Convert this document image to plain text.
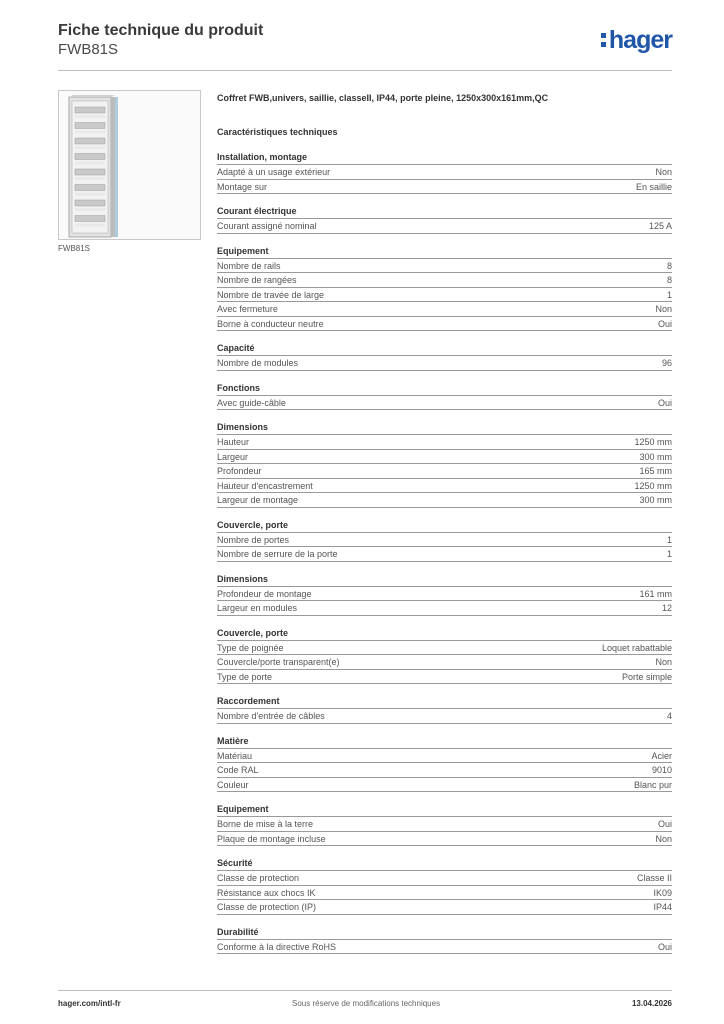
Fiche technique du produit
FWB81S	hager
FWB81S
Coffret FWB,univers, saillie, classeII, IP44, porte pleine, 1250x300x161mm,QC
Caractéristiques techniques
Installation, montage
Adapté à un usage extérieur	Non
Montage sur	En saillie
Courant électrique
Courant assigné nominal	125 A
Equipement
Nombre de rails	8
Nombre de rangées	8
Nombre de travée de large	1
Avec fermeture	Non
Borne à conducteur neutre	Oui
Capacité
Nombre de modules	96
Fonctions
Avec guide-câble	Oui
Dimensions
Hauteur	1250 mm
Largeur	300 mm
Profondeur	165 mm
Hauteur d'encastrement	1250 mm
Largeur de montage	300 mm
Couvercle, porte
Nombre de portes	1
Nombre de serrure de la porte	1
Dimensions
Profondeur de montage	161 mm
Largeur en modules	12
Couvercle, porte
Type de poignée	Loquet rabattable
Couvercle/porte transparent(e)	Non
Type de porte	Porte simple
Raccordement
Nombre d'entrée de câbles	4
Matière
Matériau	Acier
Code RAL	9010
Couleur	Blanc pur
Equipement
Borne de mise à la terre	Oui
Plaque de montage incluse	Non
Sécurité
Classe de protection	Classe II
Résistance aux chocs IK	IK09
Classe de protection (IP)	IP44
Durabilité
Conforme à la directive RoHS	Oui
hager.com/intl-fr	Sous réserve de modifications techniques	13.04.2026
